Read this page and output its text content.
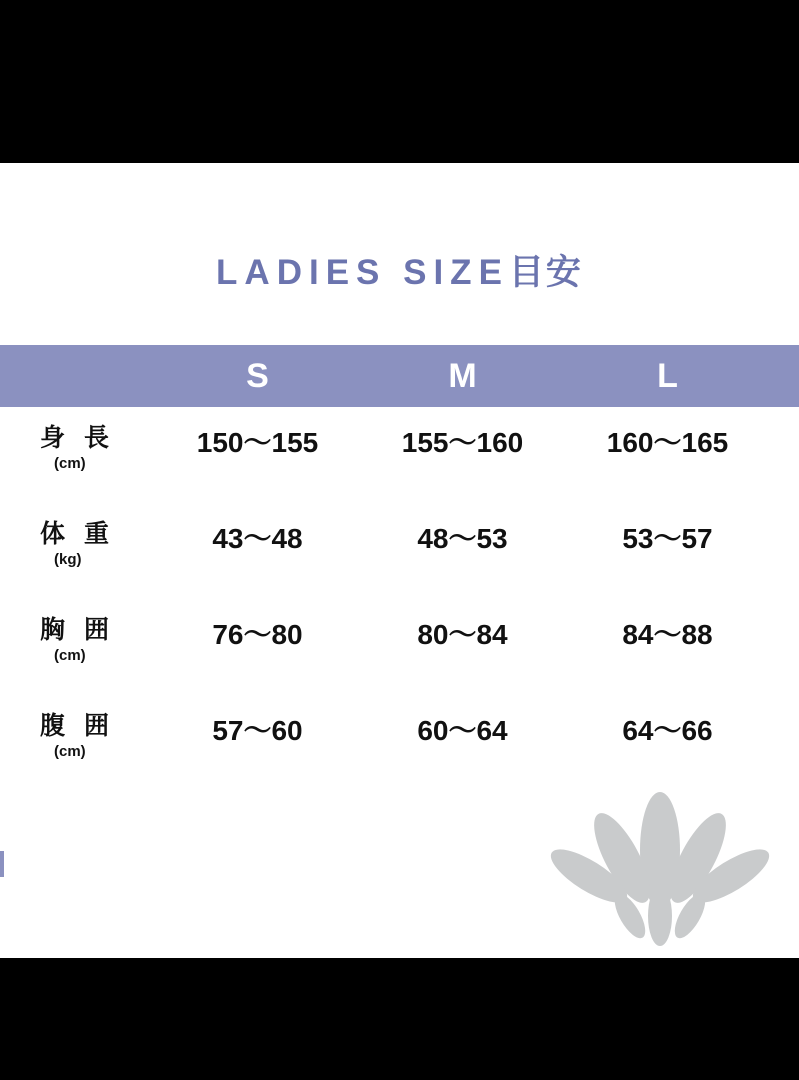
LADIES SIZE目安
S	M	L
身 長
(cm)
150〜155	155〜160	160〜165
体 重
(kg)
43〜48	48〜53	53〜57
胸 囲
(cm)
76〜80	80〜84	84〜88
腹 囲
(cm)
57〜60	60〜64	64〜66
